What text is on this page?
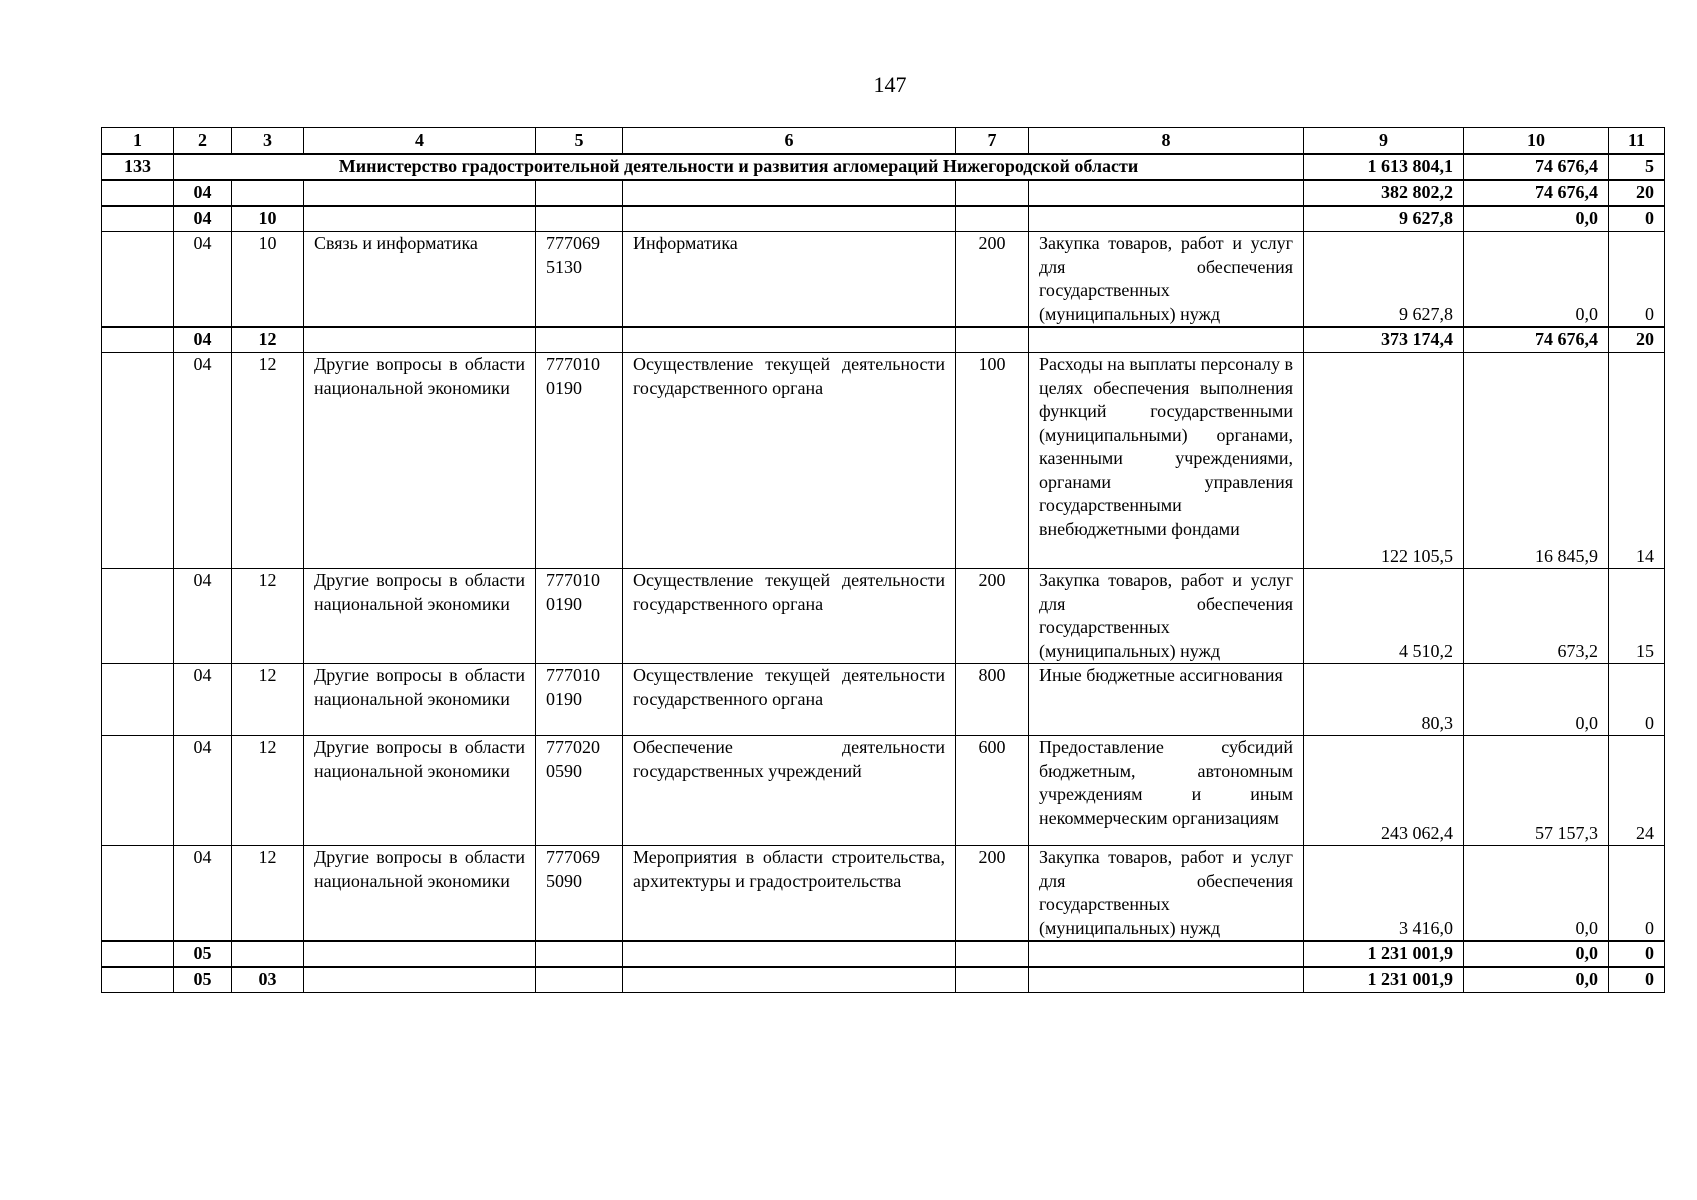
147
1	2	3	4	5	6	7	8	9	10	11
133	Министерство градостроительной деятельности и развития агломераций Нижегородской области							1 613 804,1	74 676,4	5
	04							382 802,2	74 676,4	20
	04	10						9 627,8	0,0	0
	04	10	Связь и информатика	777069 5130	Информатика	200	Закупка товаров, работ и услуг для обеспечения государственных (муниципальных) нужд	9 627,8	0,0	0
	04	12						373 174,4	74 676,4	20
	04	12	Другие вопросы в области национальной экономики	777010 0190	Осуществление текущей деятельности государственного органа	100	Расходы на выплаты персоналу в целях обеспечения выполнения функций государственными (муниципальными) органами, казенными учреждениями, органами управления государственными внебюджетными фондами	122 105,5	16 845,9	14
	04	12	Другие вопросы в области национальной экономики	777010 0190	Осуществление текущей деятельности государственного органа	200	Закупка товаров, работ и услуг для обеспечения государственных (муниципальных) нужд	4 510,2	673,2	15
	04	12	Другие вопросы в области национальной экономики	777010 0190	Осуществление текущей деятельности государственного органа	800	Иные бюджетные ассигнования	80,3	0,0	0
	04	12	Другие вопросы в области национальной экономики	777020 0590	Обеспечение деятельности государственных учреждений	600	Предоставление субсидий бюджетным, автономным учреждениям и иным некоммерческим организациям	243 062,4	57 157,3	24
	04	12	Другие вопросы в области национальной экономики	777069 5090	Мероприятия в области строительства, архитектуры и градостроительства	200	Закупка товаров, работ и услуг для обеспечения государственных (муниципальных) нужд	3 416,0	0,0	0
	05							1 231 001,9	0,0	0
	05	03						1 231 001,9	0,0	0
